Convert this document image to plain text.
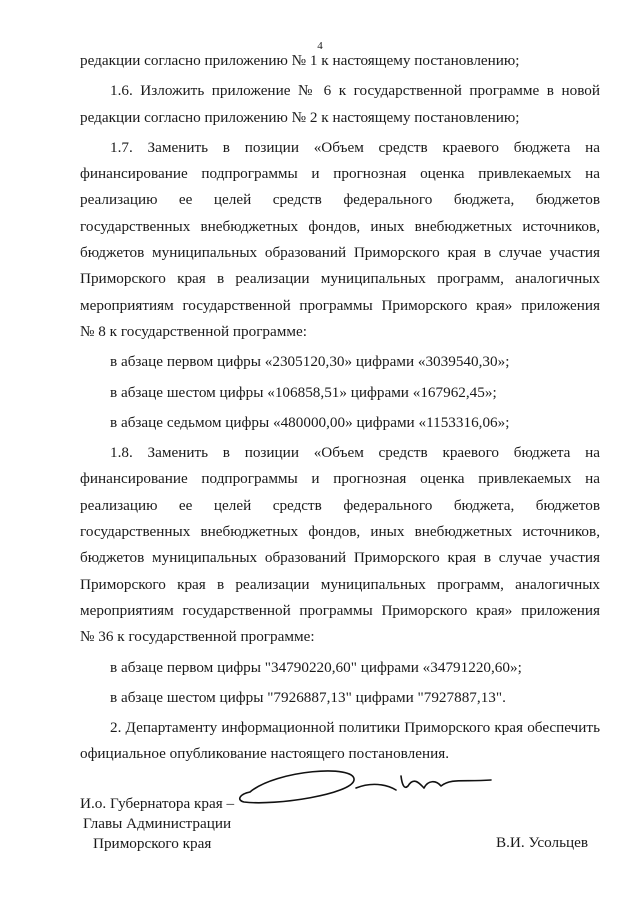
4
редакции согласно приложению № 1 к настоящему постановлению;
1.6. Изложить приложение № 6 к государственной программе в новой
редакции согласно приложению № 2 к настоящему постановлению;
1.7. Заменить в позиции «Объем средств краевого бюджета на
финансирование подпрограммы и прогнозная оценка привлекаемых на
реализацию ее целей средств федерального бюджета, бюджетов
государственных внебюджетных фондов, иных внебюджетных источников,
бюджетов муниципальных образований Приморского края в случае участия
Приморского края в реализации муниципальных программ, аналогичных
мероприятиям государственной программы Приморского края» приложения
№ 8 к государственной программе:
в абзаце первом цифры «2305120,30» цифрами «3039540,30»;
в абзаце шестом цифры «106858,51» цифрами «167962,45»;
в абзаце седьмом цифры «480000,00» цифрами «1153316,06»;
1.8. Заменить в позиции «Объем средств краевого бюджета на
финансирование подпрограммы и прогнозная оценка привлекаемых на
реализацию ее целей средств федерального бюджета, бюджетов
государственных внебюджетных фондов, иных внебюджетных источников,
бюджетов муниципальных образований Приморского края в случае участия
Приморского края в реализации муниципальных программ, аналогичных
мероприятиям государственной программы Приморского края» приложения
№ 36 к государственной программе:
в абзаце первом цифры "34790220,60" цифрами «34791220,60»;
в абзаце шестом цифры "7926887,13" цифрами "7927887,13".
2. Департаменту информационной политики Приморского края обеспечить
официальное опубликование настоящего постановления.
И.о. Губернатора края –
Главы Администрации
Приморского края	В.И. Усольцев
